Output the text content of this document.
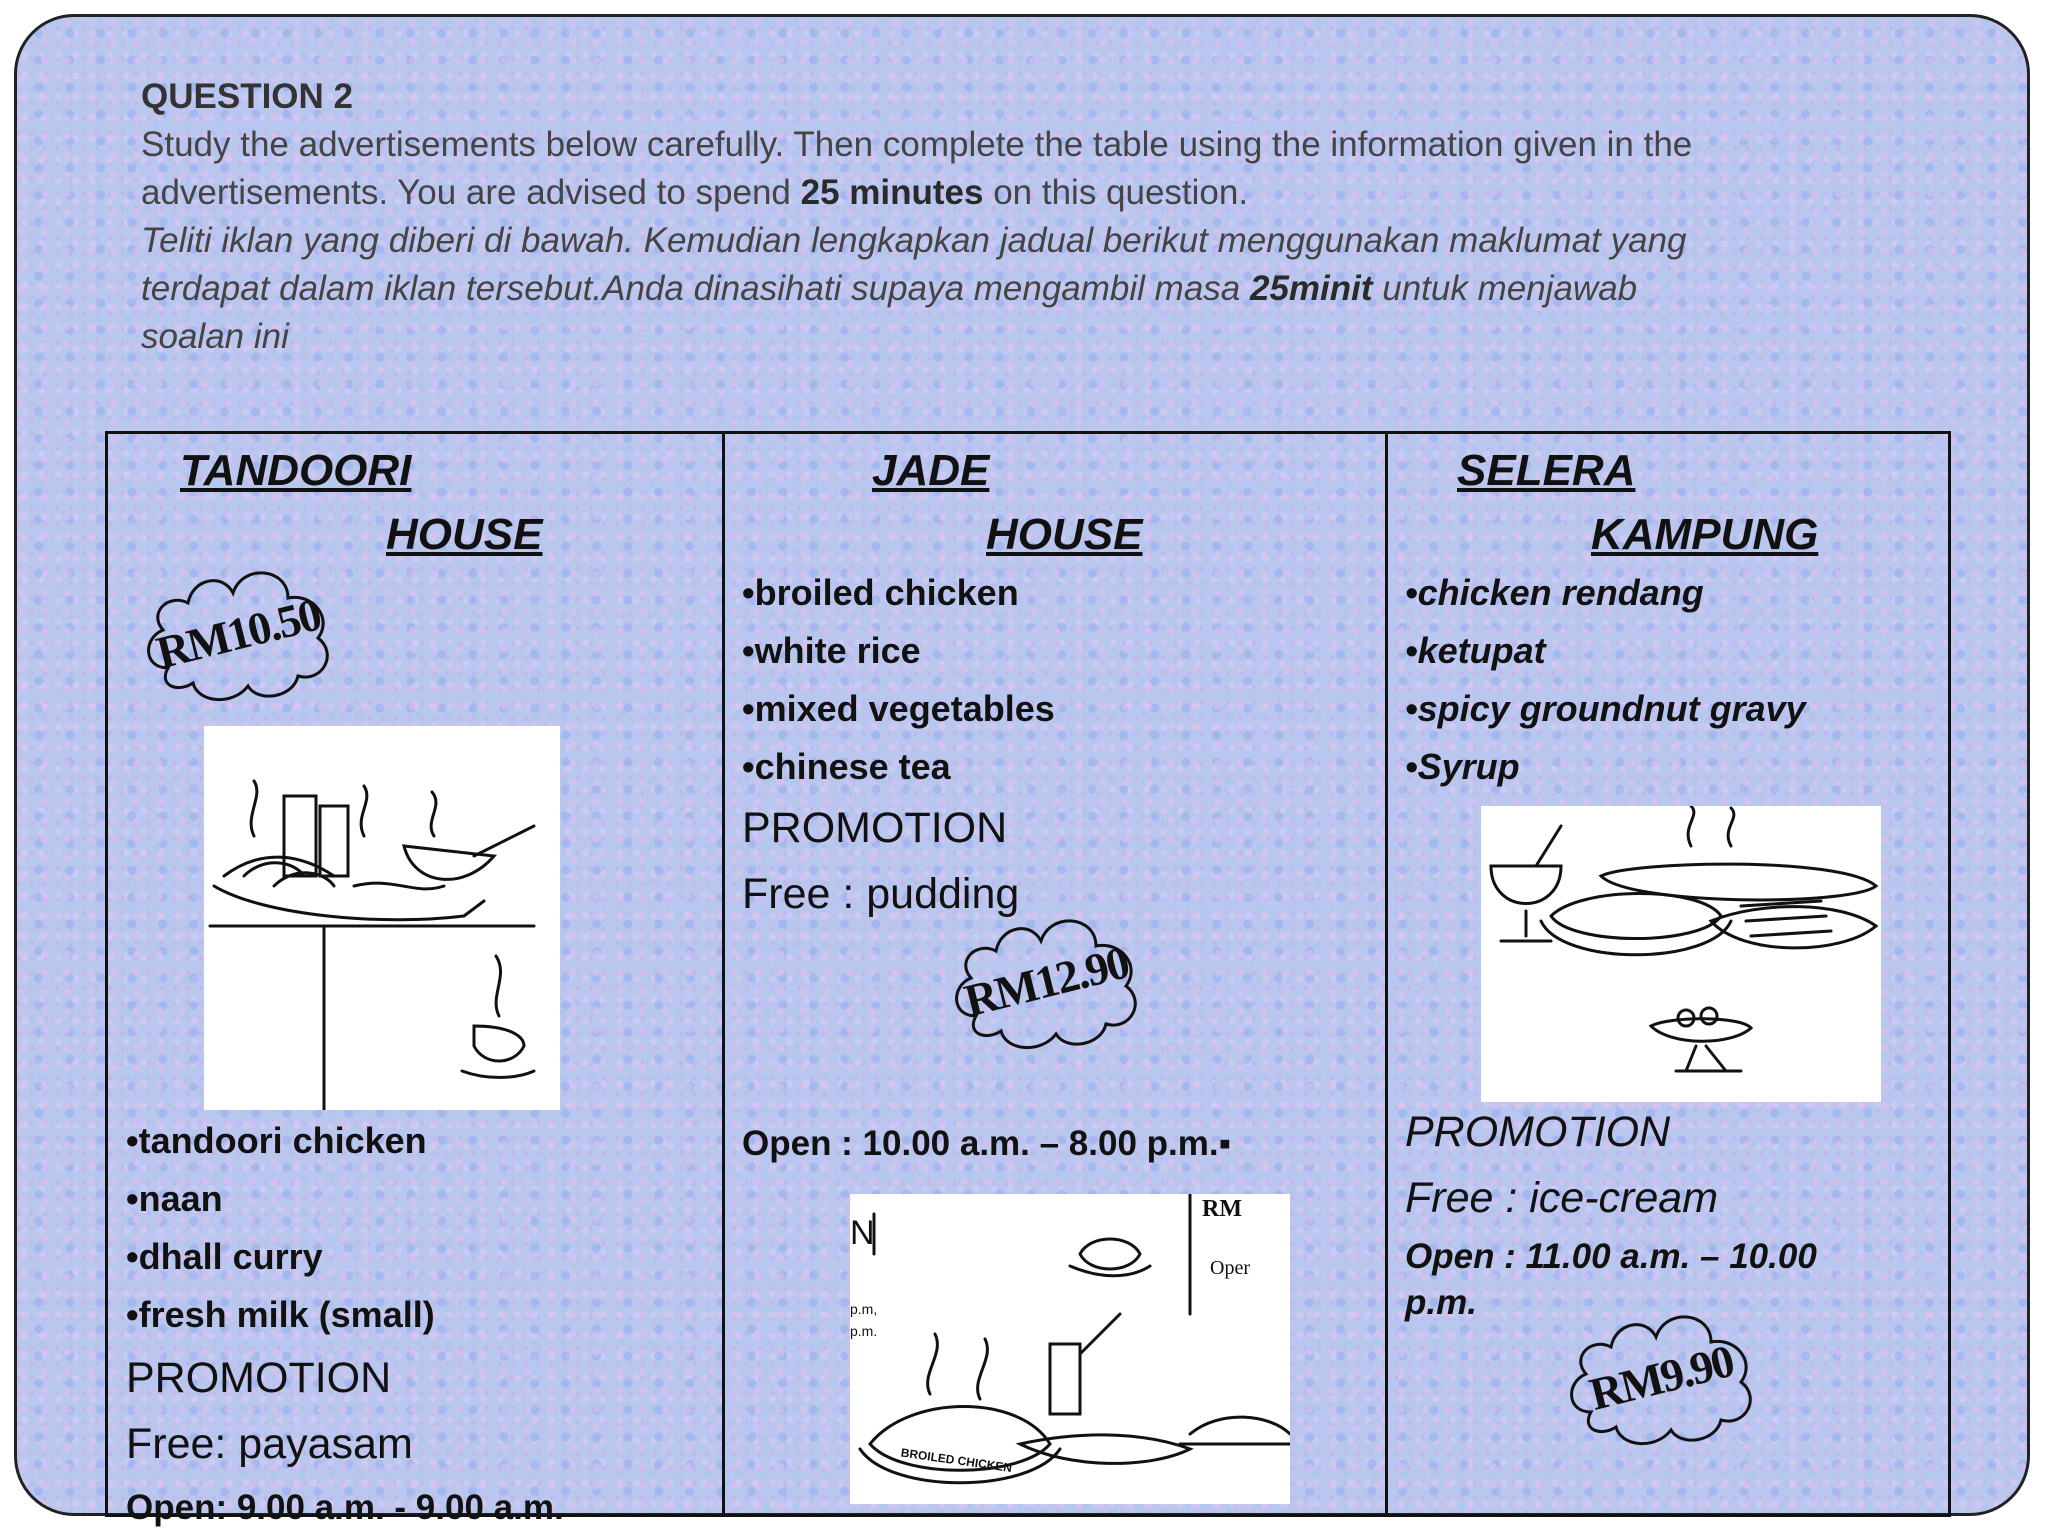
QUESTION 2
Study the advertisements below carefully. Then complete the table using the information given in the
advertisements. You are advised to spend 25 minutes on this question.
Teliti iklan yang diberi di bawah. Kemudian lengkapkan jadual berikut menggunakan maklumat yang
terdapat dalam iklan tersebut.Anda dinasihati supaya mengambil masa 25minit untuk menjawab
soalan ini
TANDOORI
HOUSE
RM10.50
•tandoori chicken
•naan
•dhall curry
•fresh milk (small)
PROMOTION
Free: payasam
Open: 9.00 a.m. - 9.00 a.m.
JADE
HOUSE
•broiled chicken
•white rice
•mixed vegetables
•chinese tea
PROMOTION
Free : pudding
RM12.90
Open : 10.00 a.m. – 8.00 p.m.▪
BROILED CHICKEN
RM
Oper
p.m,
p.m.
N
SELERA
KAMPUNG
•chicken rendang
•ketupat
•spicy groundnut gravy
•Syrup
PROMOTION
Free : ice-cream
Open : 11.00 a.m. – 10.00
p.m.
RM9.90
